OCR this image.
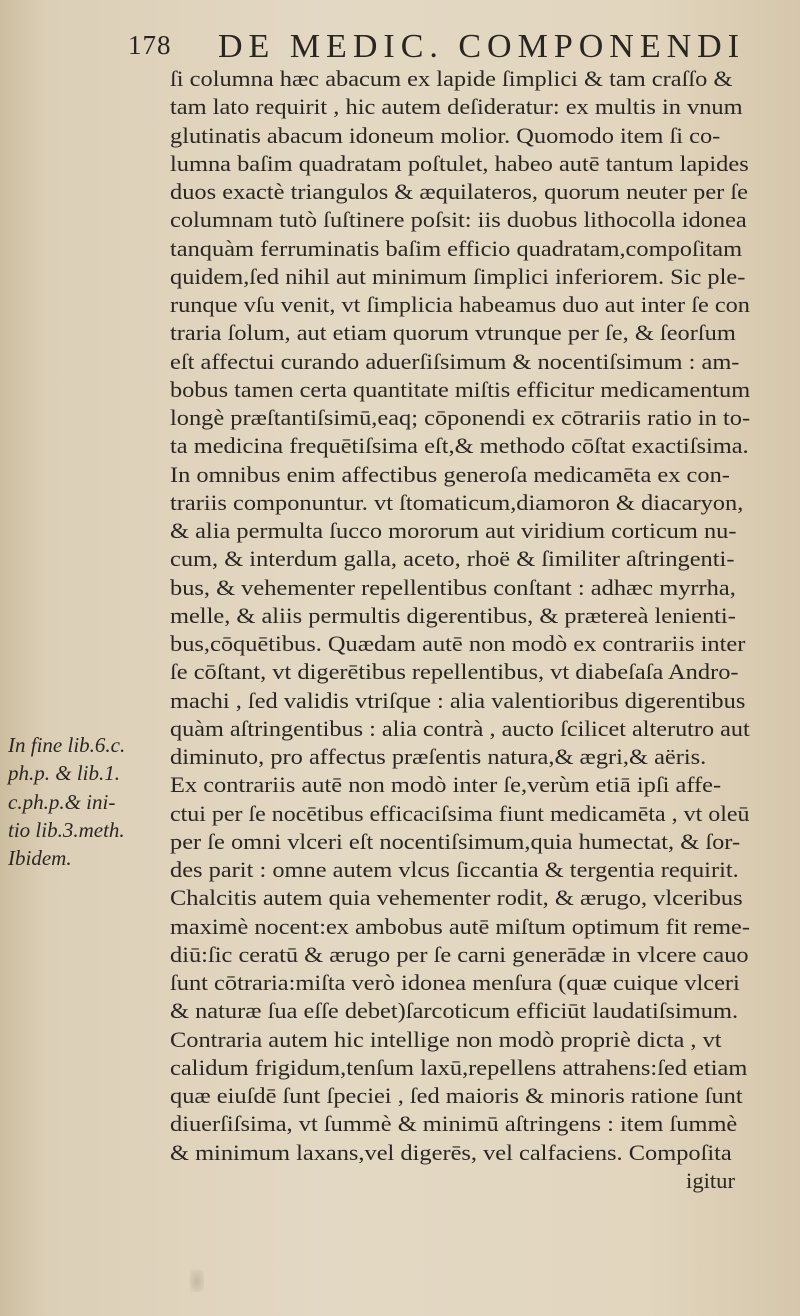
178 DE MEDIC. COMPONENDI
In fine lib.6.c.
ph.p. & lib.1.
c.ph.p.& ini-
tio lib.3.meth.
Ibidem.
ſi columna hæc abacum ex lapide ſimplici & tam craſſo &
tam lato requirit , hic autem deſideratur: ex multis in vnum
glutinatis abacum idoneum molior. Quomodo item ſi co-
lumna baſim quadratam poſtulet, habeo autē tantum lapides
duos exactè triangulos & æquilateros, quorum neuter per ſe
columnam tutò ſuſtinere poſsit: iis duobus lithocolla idonea
tanquàm ferruminatis baſim efficio quadratam,compoſitam
quidem,ſed nihil aut minimum ſimplici inferiorem. Sic ple-
runque vſu venit, vt ſimplicia habeamus duo aut inter ſe con
traria ſolum, aut etiam quorum vtrunque per ſe, & ſeorſum
eſt affectui curando aduerſiſsimum & nocentiſsimum : am-
bobus tamen certa quantitate miſtis efficitur medicamentum
longè præſtantiſsimū,eaq; cōponendi ex cōtrariis ratio in to-
ta medicina frequētiſsima eſt,& methodo cōſtat exactiſsima.
In omnibus enim affectibus generoſa medicamēta ex con-
trariis componuntur. vt ſtomaticum,diamoron & diacaryon,
& alia permulta ſucco mororum aut viridium corticum nu-
cum, & interdum galla, aceto, rhoë & ſimiliter aſtringenti-
bus, & vehementer repellentibus conſtant : adhæc myrrha,
melle, & aliis permultis digerentibus, & prætereà lenienti-
bus,cōquētibus. Quædam autē non modò ex contrariis inter
ſe cōſtant, vt digerētibus repellentibus, vt diabeſaſa Andro-
machi , ſed validis vtriſque : alia valentioribus digerentibus
quàm aſtringentibus : alia contrà , aucto ſcilicet alterutro aut
diminuto, pro affectus præſentis natura,& ægri,& aëris.
Ex contrariis autē non modò inter ſe,verùm etiā ipſi affe-
ctui per ſe nocētibus efficaciſsima fiunt medicamēta , vt oleū
per ſe omni vlceri eſt nocentiſsimum,quia humectat, & ſor-
des parit : omne autem vlcus ſiccantia & tergentia requirit.
Chalcitis autem quia vehementer rodit, & ærugo, vlceribus
maximè nocent:ex ambobus autē miſtum optimum fit reme-
diū:ſic ceratū & ærugo per ſe carni generādæ in vlcere cauo
ſunt cōtraria:miſta verò idonea menſura (quæ cuique vlceri
& naturæ ſua eſſe debet)ſarcoticum efficiūt laudatiſsimum.
Contraria autem hic intellige non modò propriè dicta , vt
calidum frigidum,tenſum laxū,repellens attrahens:ſed etiam
quæ eiuſdē ſunt ſpeciei , ſed maioris & minoris ratione ſunt
diuerſiſsima, vt ſummè & minimū aſtringens : item ſummè
& minimum laxans,vel digerēs, vel calfaciens. Compoſita
igitur
